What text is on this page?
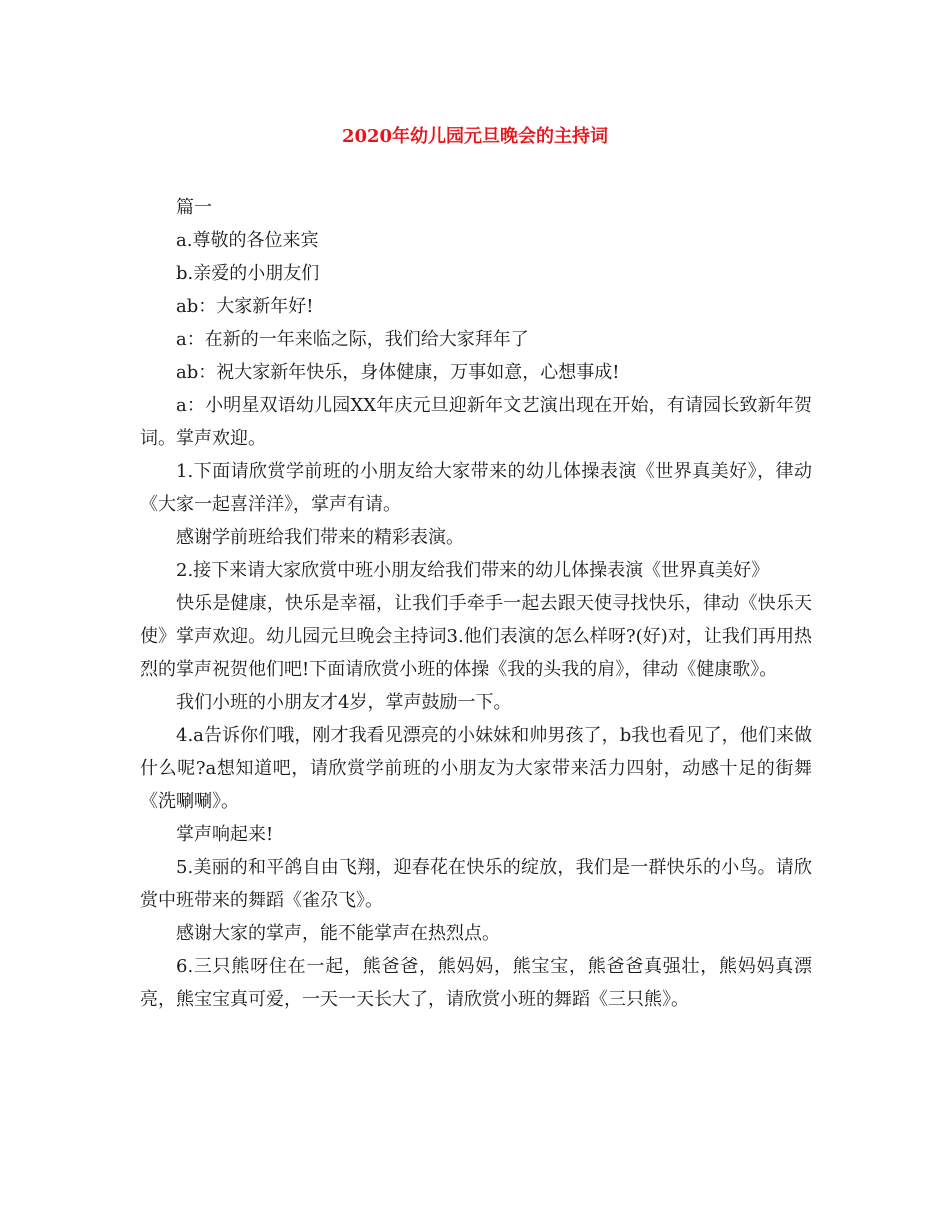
2020年幼儿园元旦晚会的主持词

篇一

a.尊敬的各位来宾

b.亲爱的小朋友们

ab：大家新年好!

a：在新的一年来临之际，我们给大家拜年了

ab：祝大家新年快乐，身体健康，万事如意，心想事成!

a：小明星双语幼儿园XX年庆元旦迎新年文艺演出现在开始，有请园长致新年贺词。掌声欢迎。

1.下面请欣赏学前班的小朋友给大家带来的幼儿体操表演《世界真美好》，律动《大家一起喜洋洋》，掌声有请。

感谢学前班给我们带来的精彩表演。

2.接下来请大家欣赏中班小朋友给我们带来的幼儿体操表演《世界真美好》

快乐是健康，快乐是幸福，让我们手牵手一起去跟天使寻找快乐，律动《快乐天使》掌声欢迎。幼儿园元旦晚会主持词3.他们表演的怎么样呀?(好)对，让我们再用热烈的掌声祝贺他们吧!下面请欣赏小班的体操《我的头我的肩》，律动《健康歌》。

我们小班的小朋友才4岁，掌声鼓励一下。

4.a告诉你们哦，刚才我看见漂亮的小妹妹和帅男孩了，b我也看见了，他们来做什么呢?a想知道吧，请欣赏学前班的小朋友为大家带来活力四射，动感十足的街舞《洗唰唰》。

掌声响起来!

5.美丽的和平鸽自由飞翔，迎春花在快乐的绽放，我们是一群快乐的小鸟。请欣赏中班带来的舞蹈《雀尕飞》。

感谢大家的掌声，能不能掌声在热烈点。

6.三只熊呀住在一起，熊爸爸，熊妈妈，熊宝宝，熊爸爸真强壮，熊妈妈真漂亮，熊宝宝真可爱，一天一天长大了，请欣赏小班的舞蹈《三只熊》。
